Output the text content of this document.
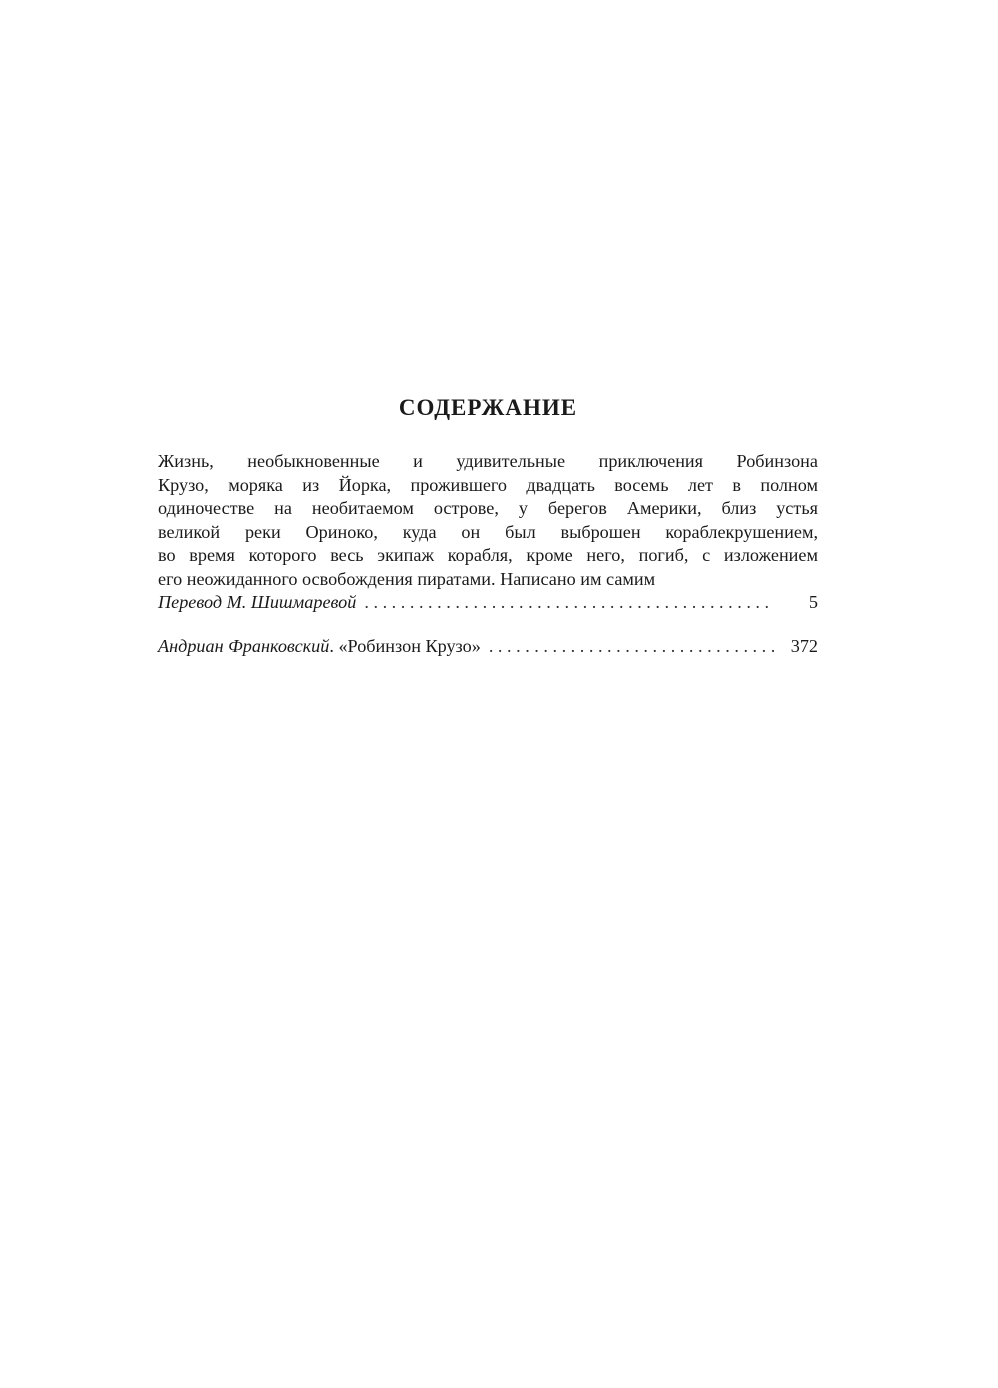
СОДЕРЖАНИЕ

Жизнь, необыкновенные и удивительные приключения Робинзона
Крузо, моряка из Йорка, прожившего двадцать восемь лет в полном
одиночестве на необитаемом острове, у берегов Америки, близ устья
великой реки Ориноко, куда он был выброшен кораблекрушением,
во время которого весь экипаж корабля, кроме него, погиб, с изложением
его неожиданного освобождения пиратами. Написано им самим

Перевод М. Шишмаревой . . .	5
Андриан Франковский. «Робинзон Крузо» . . .	372
